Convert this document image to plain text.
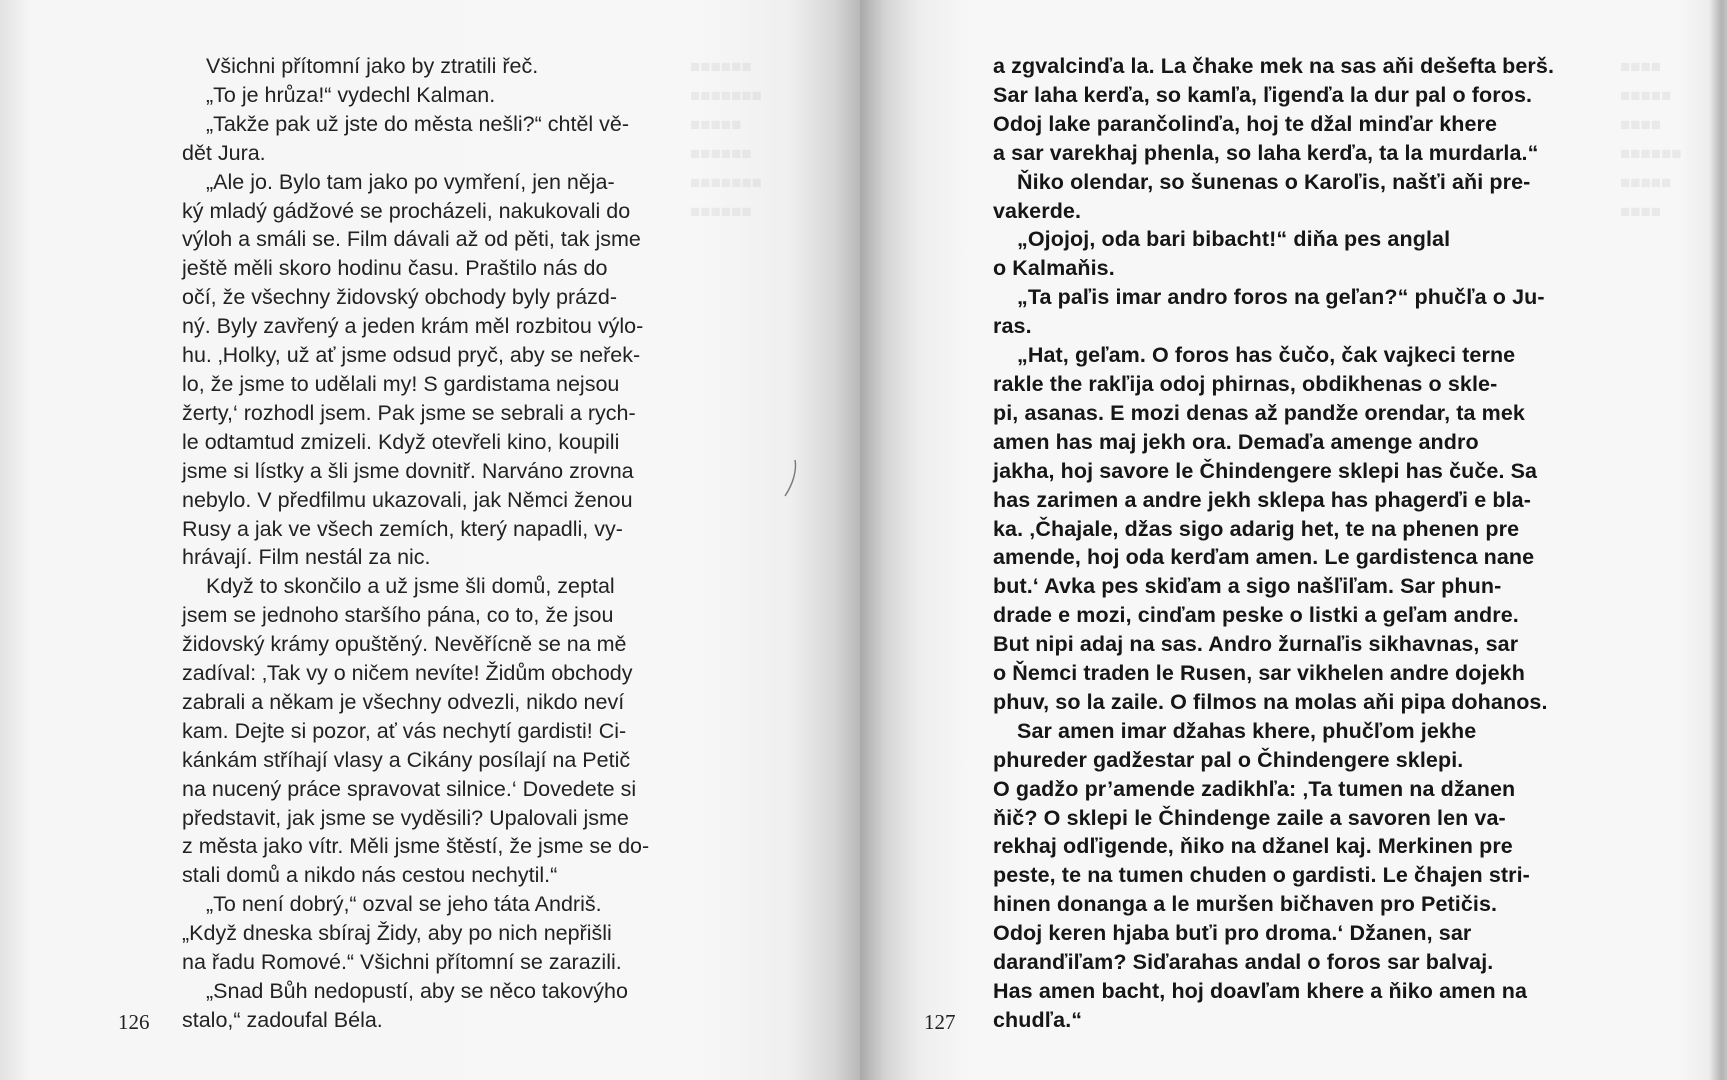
■■■■■■
■■■■■■■
■■■■■
■■■■■■
■■■■■■■
■■■■■■
■■■■
■■■■■
■■■■
■■■■■■
■■■■■
■■■■
Všichni přítomní jako by ztratili řeč.
„To je hrůza!“ vydechl Kalman.
„Takže pak už jste do města nešli?“ chtěl vě-
dět Jura.
„Ale jo. Bylo tam jako po vymření, jen něja-
ký mladý gádžové se procházeli, nakukovali do
výloh a smáli se. Film dávali až od pěti, tak jsme
ještě měli skoro hodinu času. Praštilo nás do
očí, že všechny židovský obchody byly prázd-
ný. Byly zavřený a jeden krám měl rozbitou výlo-
hu. ‚Holky, už ať jsme odsud pryč, aby se neřek-
lo, že jsme to udělali my! S gardistama nejsou
žerty,‘ rozhodl jsem. Pak jsme se sebrali a rych-
le odtamtud zmizeli. Když otevřeli kino, koupili
jsme si lístky a šli jsme dovnitř. Narváno zrovna
nebylo. V předfilmu ukazovali, jak Němci ženou
Rusy a jak ve všech zemích, který napadli, vy-
hrávají. Film nestál za nic.
Když to skončilo a už jsme šli domů, zeptal
jsem se jednoho staršího pána, co to, že jsou
židovský krámy opuštěný. Nevěřícně se na mě
zadíval: ‚Tak vy o ničem nevíte! Židům obchody
zabrali a někam je všechny odvezli, nikdo neví
kam. Dejte si pozor, ať vás nechytí gardisti! Ci-
kánkám stříhají vlasy a Cikány posílají na Petič
na nucený práce spravovat silnice.‘ Dovedete si
představit, jak jsme se vyděsili? Upalovali jsme
z města jako vítr. Měli jsme štěstí, že jsme se do-
stali domů a nikdo nás cestou nechytil.“
„To není dobrý,“ ozval se jeho táta Andriš.
„Když dneska sbíraj Židy, aby po nich nepřišli
na řadu Romové.“ Všichni přítomní se zarazili.
„Snad Bůh nedopustí, aby se něco takovýho
stalo,“ zadoufal Béla.
a zgvalcinďa la. La čhake mek na sas aňi dešefta berš.
Sar laha kerďa, so kamľa, ľigenďa la dur pal o foros.
Odoj lake parančolinďa, hoj te džal minďar khere
a sar varekhaj phenla, so laha kerďa, ta la murdarla.“
Ňiko olendar, so šunenas o Karoľis, našťi aňi pre-
vakerde.
„Ojojoj, oda bari bibacht!“ diňa pes anglal
o Kalmaňis.
„Ta paľis imar andro foros na geľan?“ phučľa o Ju-
ras.
„Hat, geľam. O foros has čučo, čak vajkeci terne
rakle the rakľija odoj phirnas, obdikhenas o skle-
pi, asanas. E mozi denas až pandže orendar, ta mek
amen has maj jekh ora. Demaďa amenge andro
jakha, hoj savore le Čhindengere sklepi has čuče. Sa
has zarimen a andre jekh sklepa has phagerďi e bla-
ka. ‚Čhajale, džas sigo adarig het, te na phenen pre
amende, hoj oda kerďam amen. Le gardistenca nane
but.‘ Avka pes skiďam a sigo našľiľam. Sar phun-
drade e mozi, cinďam peske o listki a geľam andre.
But nipi adaj na sas. Andro žurnaľis sikhavnas, sar
o Ňemci traden le Rusen, sar vikhelen andre dojekh
phuv, so la zaile. O filmos na molas aňi pipa dohanos.
Sar amen imar džahas khere, phučľom jekhe
phureder gadžestar pal o Čhindengere sklepi.
O gadžo pr’amende zadikhľa: ‚Ta tumen na džanen
ňič? O sklepi le Čhindenge zaile a savoren len va-
rekhaj odľigende, ňiko na džanel kaj. Merkinen pre
peste, te na tumen chuden o gardisti. Le čhajen stri-
hinen donanga a le muršen bičhaven pro Petičis.
Odoj keren hjaba buťi pro droma.‘ Džanen, sar
daranďiľam? Siďarahas andal o foros sar balvaj.
Has amen bacht, hoj doavľam khere a ňiko amen na
chudľa.“
126	127
